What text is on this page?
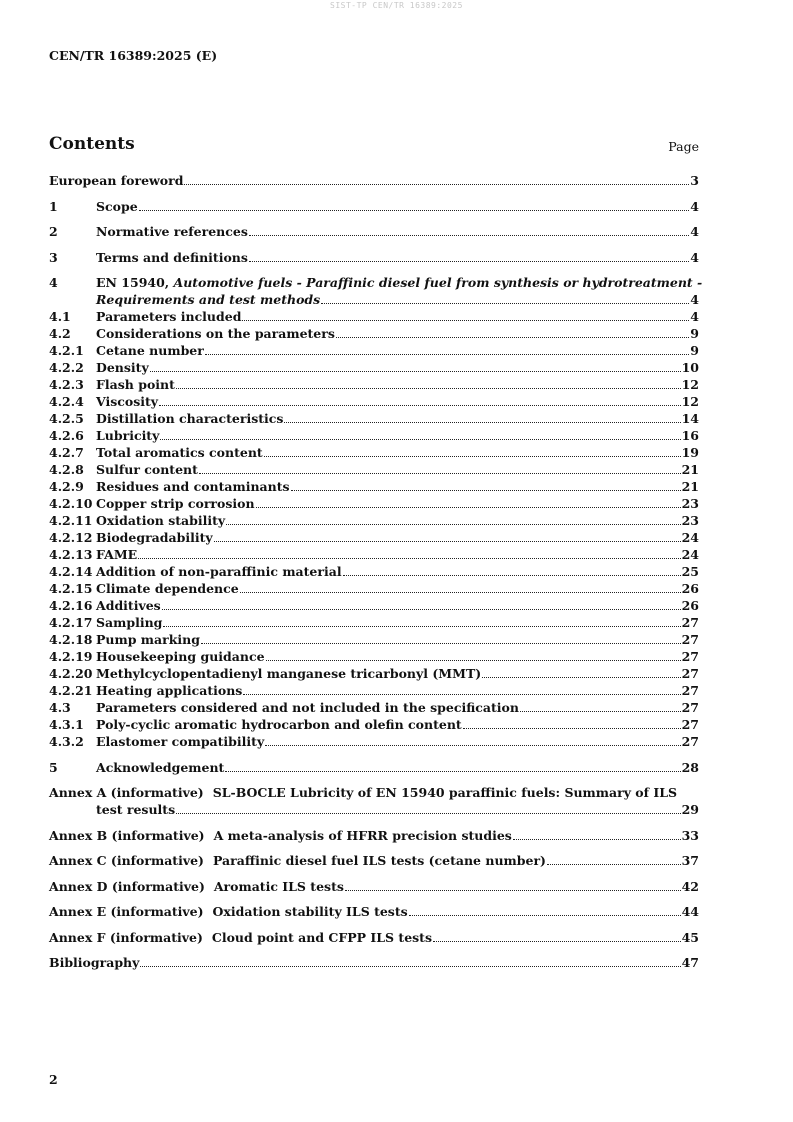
SIST-TP CEN/TR 16389:2025
CEN/TR 16389:2025 (E)
Contents	Page
European foreword	3
1	Scope	4
2	Normative references	4
3	Terms and definitions	4
4	EN 15940, Automotive fuels - Paraffinic diesel fuel from synthesis or hydrotreatment -
Requirements and test methods	4
4.1	Parameters included	4
4.2	Considerations on the parameters	9
4.2.1 Cetane number	9
4.2.2 Density	10
4.2.3 Flash point	12
4.2.4 Viscosity	12
4.2.5 Distillation characteristics	14
4.2.6 Lubricity	16
4.2.7 Total aromatics content	19
4.2.8 Sulfur content	21
4.2.9 Residues and contaminants	21
4.2.10 Copper strip corrosion	23
4.2.11 Oxidation stability	23
4.2.12 Biodegradability	24
4.2.13 FAME	24
4.2.14 Addition of non-paraffinic material	25
4.2.15 Climate dependence	26
4.2.16 Additives	26
4.2.17 Sampling	27
4.2.18 Pump marking	27
4.2.19 Housekeeping guidance	27
4.2.20 Methylcyclopentadienyl manganese tricarbonyl (MMT)	27
4.2.21 Heating applications	27
4.3	Parameters considered and not included in the specification	27
4.3.1 Poly-cyclic aromatic hydrocarbon and olefin content	27
4.3.2 Elastomer compatibility	27
5	Acknowledgement	28
Annex A (informative) SL-BOCLE Lubricity of EN 15940 paraffinic fuels: Summary of ILS
test results	29
Annex B (informative) A meta-analysis of HFRR precision studies	33
Annex C (informative) Paraffinic diesel fuel ILS tests (cetane number)	37
Annex D (informative) Aromatic ILS tests	42
Annex E (informative) Oxidation stability ILS tests	44
Annex F (informative) Cloud point and CFPP ILS tests	45
Bibliography	47
2
